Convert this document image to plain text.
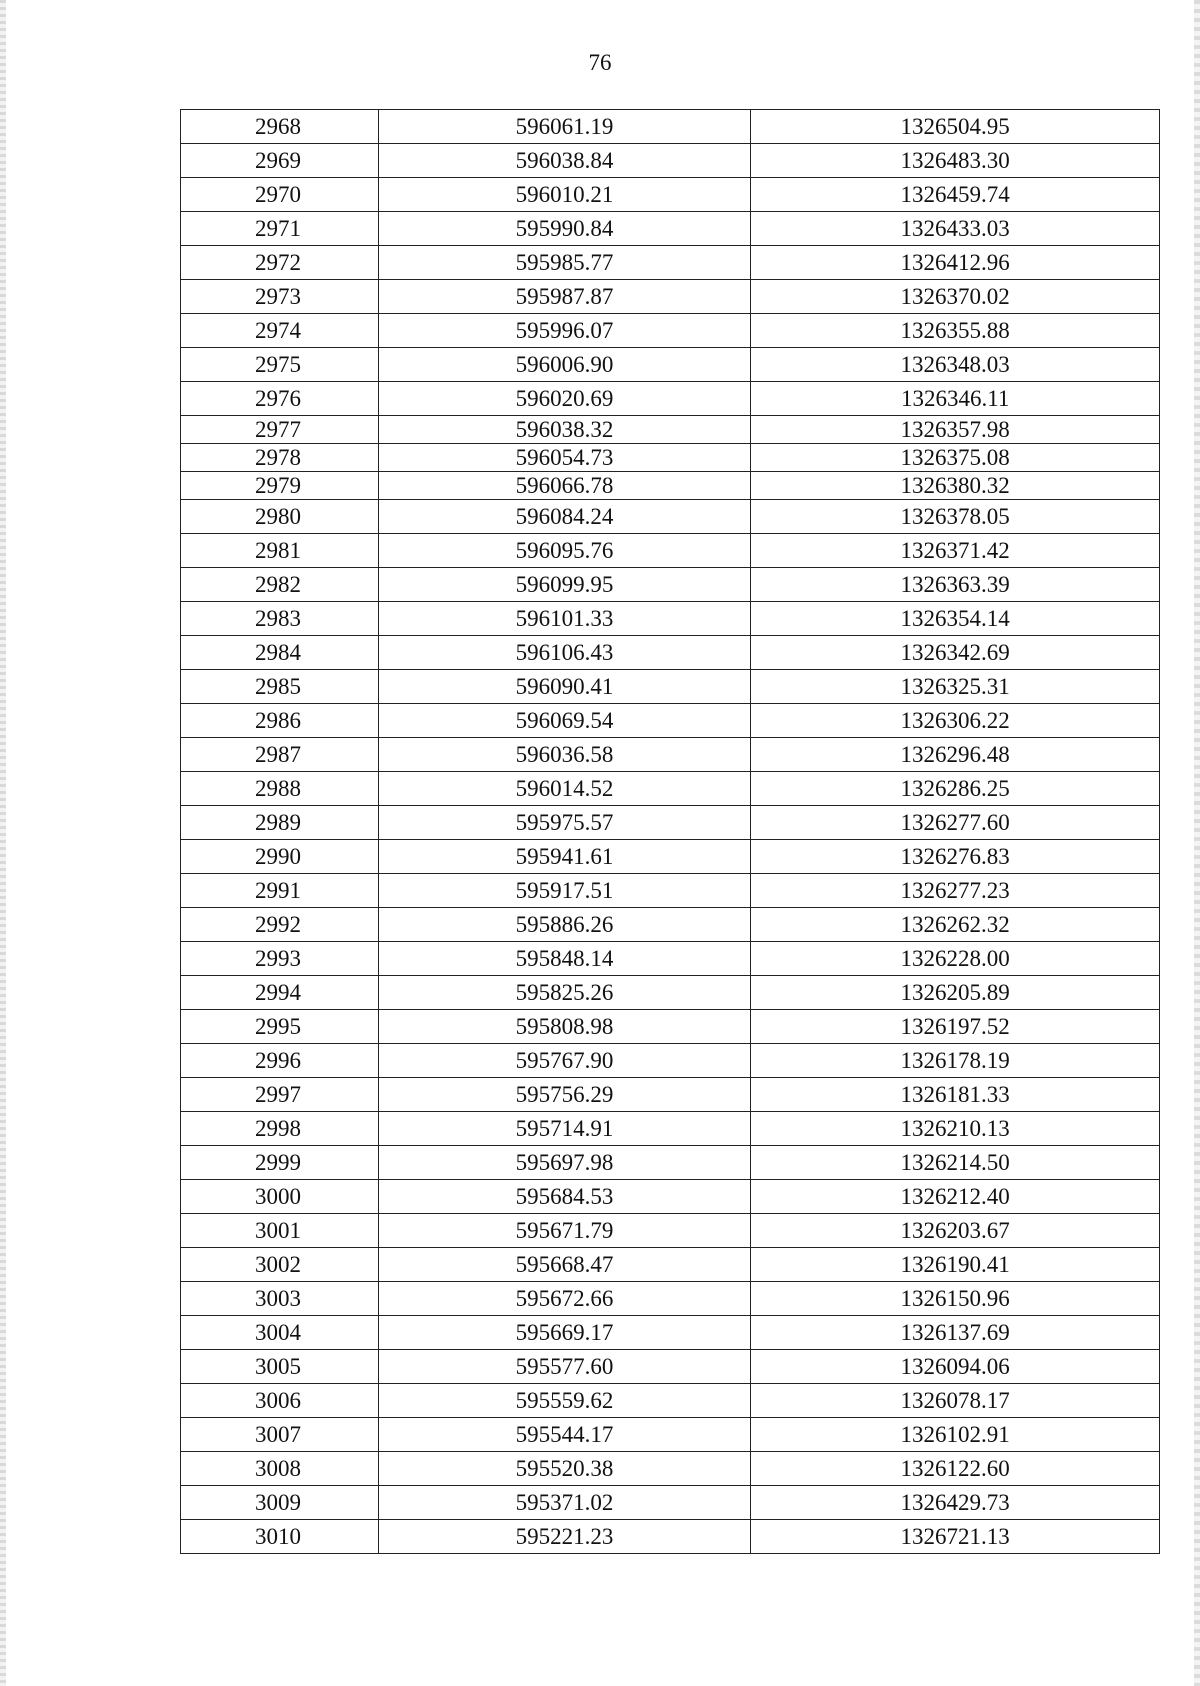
76
2968	596061.19	1326504.95
2969	596038.84	1326483.30
2970	596010.21	1326459.74
2971	595990.84	1326433.03
2972	595985.77	1326412.96
2973	595987.87	1326370.02
2974	595996.07	1326355.88
2975	596006.90	1326348.03
2976	596020.69	1326346.11
2977	596038.32	1326357.98
2978	596054.73	1326375.08
2979	596066.78	1326380.32
2980	596084.24	1326378.05
2981	596095.76	1326371.42
2982	596099.95	1326363.39
2983	596101.33	1326354.14
2984	596106.43	1326342.69
2985	596090.41	1326325.31
2986	596069.54	1326306.22
2987	596036.58	1326296.48
2988	596014.52	1326286.25
2989	595975.57	1326277.60
2990	595941.61	1326276.83
2991	595917.51	1326277.23
2992	595886.26	1326262.32
2993	595848.14	1326228.00
2994	595825.26	1326205.89
2995	595808.98	1326197.52
2996	595767.90	1326178.19
2997	595756.29	1326181.33
2998	595714.91	1326210.13
2999	595697.98	1326214.50
3000	595684.53	1326212.40
3001	595671.79	1326203.67
3002	595668.47	1326190.41
3003	595672.66	1326150.96
3004	595669.17	1326137.69
3005	595577.60	1326094.06
3006	595559.62	1326078.17
3007	595544.17	1326102.91
3008	595520.38	1326122.60
3009	595371.02	1326429.73
3010	595221.23	1326721.13
